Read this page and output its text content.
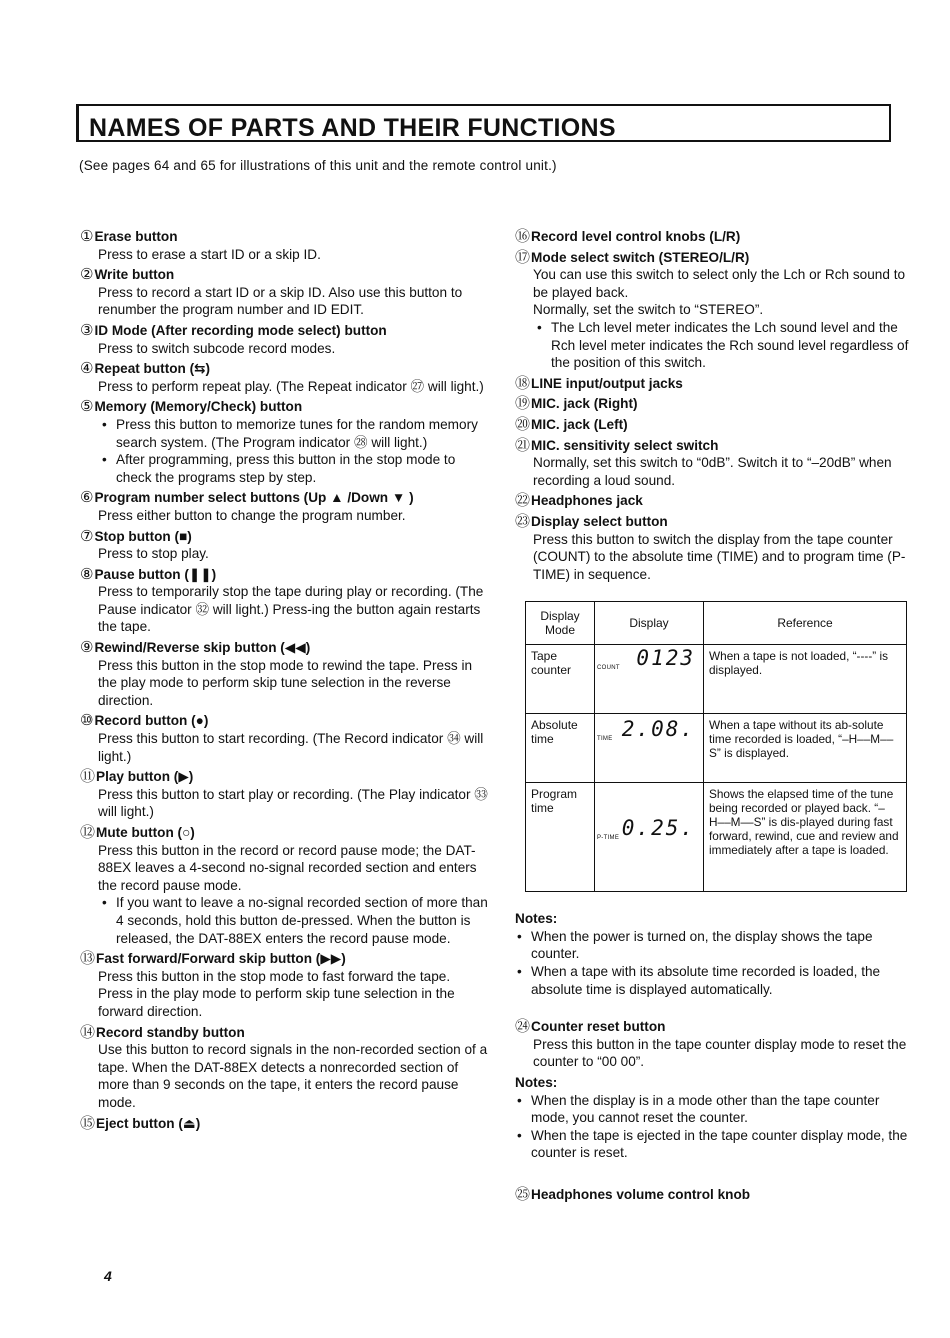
NAMES OF PARTS AND THEIR FUNCTIONS
(See pages 64 and 65 for illustrations of this unit and the remote control unit.)
①Erase button
Press to erase a start ID or a skip ID.
②Write button
Press to record a start ID or a skip ID. Also use this button to renumber the program number and ID EDIT.
③ID Mode (After recording mode select) button
Press to switch subcode record modes.
④Repeat button (⇆)
Press to perform repeat play. (The Repeat indicator ㉗ will light.)
⑤Memory (Memory/Check) button
• Press this button to memorize tunes for the random memory search system. (The Program indicator ㉘ will light.)
• After programming, press this button in the stop mode to check the programs step by step.
⑥Program number select buttons (Up ▲ /Down ▼ )
Press either button to change the program number.
⑦Stop button (■)
Press to stop play.
⑧Pause button (❚❚)
Press to temporarily stop the tape during play or recording. (The Pause indicator ㉜ will light.) Press-ing the button again restarts the tape.
⑨Rewind/Reverse skip button (◀◀)
Press this button in the stop mode to rewind the tape. Press in the play mode to perform skip tune selection in the reverse direction.
⑩Record button (●)
Press this button to start recording. (The Record indicator ㉞ will light.)
⑪Play button (▶)
Press this button to start play or recording. (The Play indicator ㉝ will light.)
⑫Mute button (○)
Press this button in the record or record pause mode; the DAT-88EX leaves a 4-second no-signal recorded section and enters the record pause mode.
• If you want to leave a no-signal recorded section of more than 4 seconds, hold this button de-pressed. When the button is released, the DAT-88EX enters the record pause mode.
⑬Fast forward/Forward skip button (▶▶)
Press this button in the stop mode to fast forward the tape. Press in the play mode to perform skip tune selection in the forward direction.
⑭Record standby button
Use this button to record signals in the non-recorded section of a tape. When the DAT-88EX detects a nonrecorded section of more than 9 seconds on the tape, it enters the record pause mode.
⑮Eject button (⏏)
⑯Record level control knobs (L/R)
⑰Mode select switch (STEREO/L/R)
You can use this switch to select only the Lch or Rch sound to be played back.
Normally, set the switch to “STEREO”.
• The Lch level meter indicates the Lch sound level and the Rch level meter indicates the Rch sound level regardless of the position of this switch.
⑱LINE input/output jacks
⑲MIC. jack (Right)
⑳MIC. jack (Left)
㉑MIC. sensitivity select switch
Normally, set this switch to “0dB”. Switch it to “–20dB” when recording a loud sound.
㉒Headphones jack
㉓Display select button
Press this button to switch the display from the tape counter (COUNT) to the absolute time (TIME) and to program time (P-TIME) in sequence.
Display Mode	Display	Reference
Tape counter	COUNT 0123	When a tape is not loaded, “----” is displayed.
Absolute time	TIME 2.08.	When a tape without its ab-solute time recorded is loaded, “–H––M––S” is displayed.
Program time	P-TIME 0.25.	Shows the elapsed time of the tune being recorded or played back. “–H––M––S” is dis-played during fast forward, rewind, cue and review and immediately after a tape is loaded.
Notes:
• When the power is turned on, the display shows the tape counter.
• When a tape with its absolute time recorded is loaded, the absolute time is displayed automatically.
㉔Counter reset button
Press this button in the tape counter display mode to reset the counter to “00 00”.
Notes:
• When the display is in a mode other than the tape counter mode, you cannot reset the counter.
• When the tape is ejected in the tape counter display mode, the counter is reset.
㉕Headphones volume control knob
4
